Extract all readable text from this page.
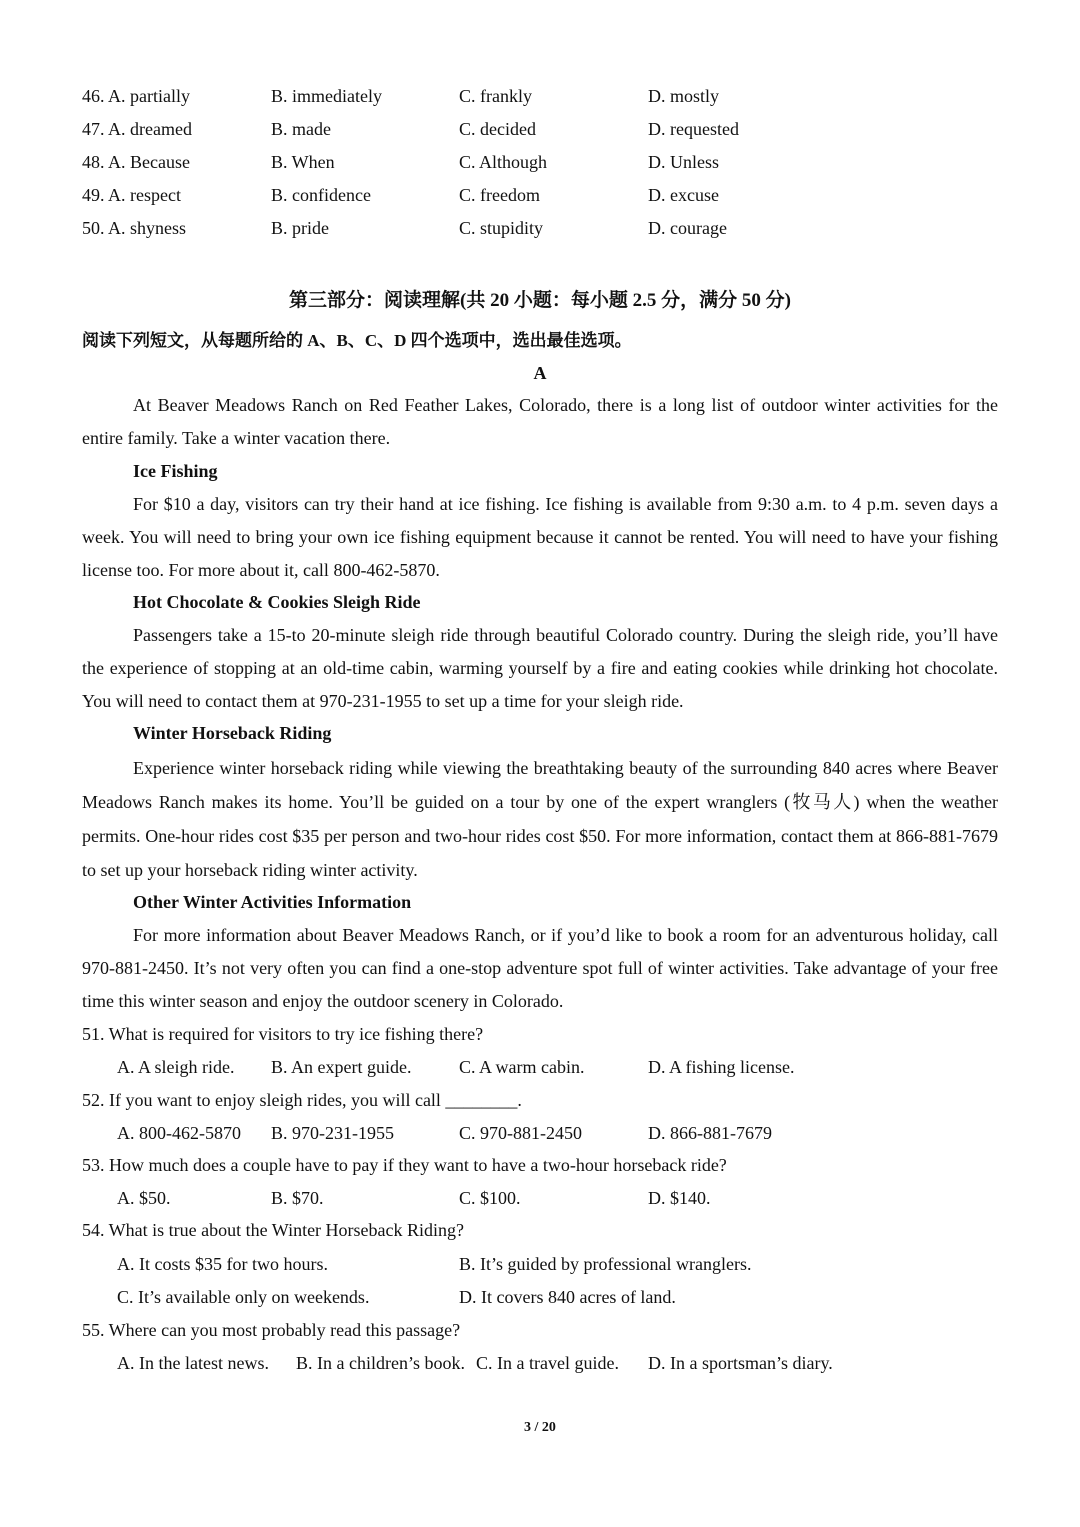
46. A. partially	B. immediately	C. frankly	D. mostly
47. A. dreamed	B. made	C. decided	D. requested
48. A. Because	B. When	C. Although	D. Unless
49. A. respect	B. confidence	C. freedom	D. excuse
50. A. shyness	B. pride	C. stupidity	D. courage
第三部分：阅读理解(共 20 小题：每小题 2.5 分，满分 50 分)
阅读下列短文，从每题所给的 A、B、C、D 四个选项中，选出最佳选项。
A

At Beaver Meadows Ranch on Red Feather Lakes, Colorado, there is a long list of outdoor winter activities for the entire family. Take a winter vacation there.

Ice Fishing

For $10 a day, visitors can try their hand at ice fishing. Ice fishing is available from 9:30 a.m. to 4 p.m. seven days a week. You will need to bring your own ice fishing equipment because it cannot be rented. You will need to have your fishing license too. For more about it, call 800-462-5870.

Hot Chocolate & Cookies Sleigh Ride

Passengers take a 15-to 20-minute sleigh ride through beautiful Colorado country. During the sleigh ride, you’ll have the experience of stopping at an old-time cabin, warming yourself by a fire and eating cookies while drinking hot chocolate. You will need to contact them at 970-231-1955 to set up a time for your sleigh ride.

Winter Horseback Riding

Experience winter horseback riding while viewing the breathtaking beauty of the surrounding 840 acres where Beaver Meadows Ranch makes its home. You’ll be guided on a tour by one of the expert wranglers (牧马人) when the weather permits. One-hour rides cost $35 per person and two-hour rides cost $50. For more information, contact them at 866-881-7679 to set up your horseback riding winter activity.

Other Winter Activities Information

For more information about Beaver Meadows Ranch, or if you’d like to book a room for an adventurous holiday, call 970-881-2450. It’s not very often you can find a one-stop adventure spot full of winter activities. Take advantage of your free time this winter season and enjoy the outdoor scenery in Colorado.

51. What is required for visitors to try ice fishing there?
A. A sleigh ride. B. An expert guide.	C. A warm cabin.	D. A fishing license.
52. If you want to enjoy sleigh rides, you will call ________.
A. 800-462-5870 B. 970-231-1955	C. 970-881-2450	D. 866-881-7679
53. How much does a couple have to pay if they want to have a two-hour horseback ride?
A. $50.	B. $70.	C. $100.	D. $140.
54. What is true about the Winter Horseback Riding?
A. It costs $35 for two hours.	B. It’s guided by professional wranglers.
C. It’s available only on weekends.	D. It covers 840 acres of land.
55. Where can you most probably read this passage?
A. In the latest news. B. In a children’s book. C. In a travel guide. D. In a sportsman’s diary.
3 / 20
